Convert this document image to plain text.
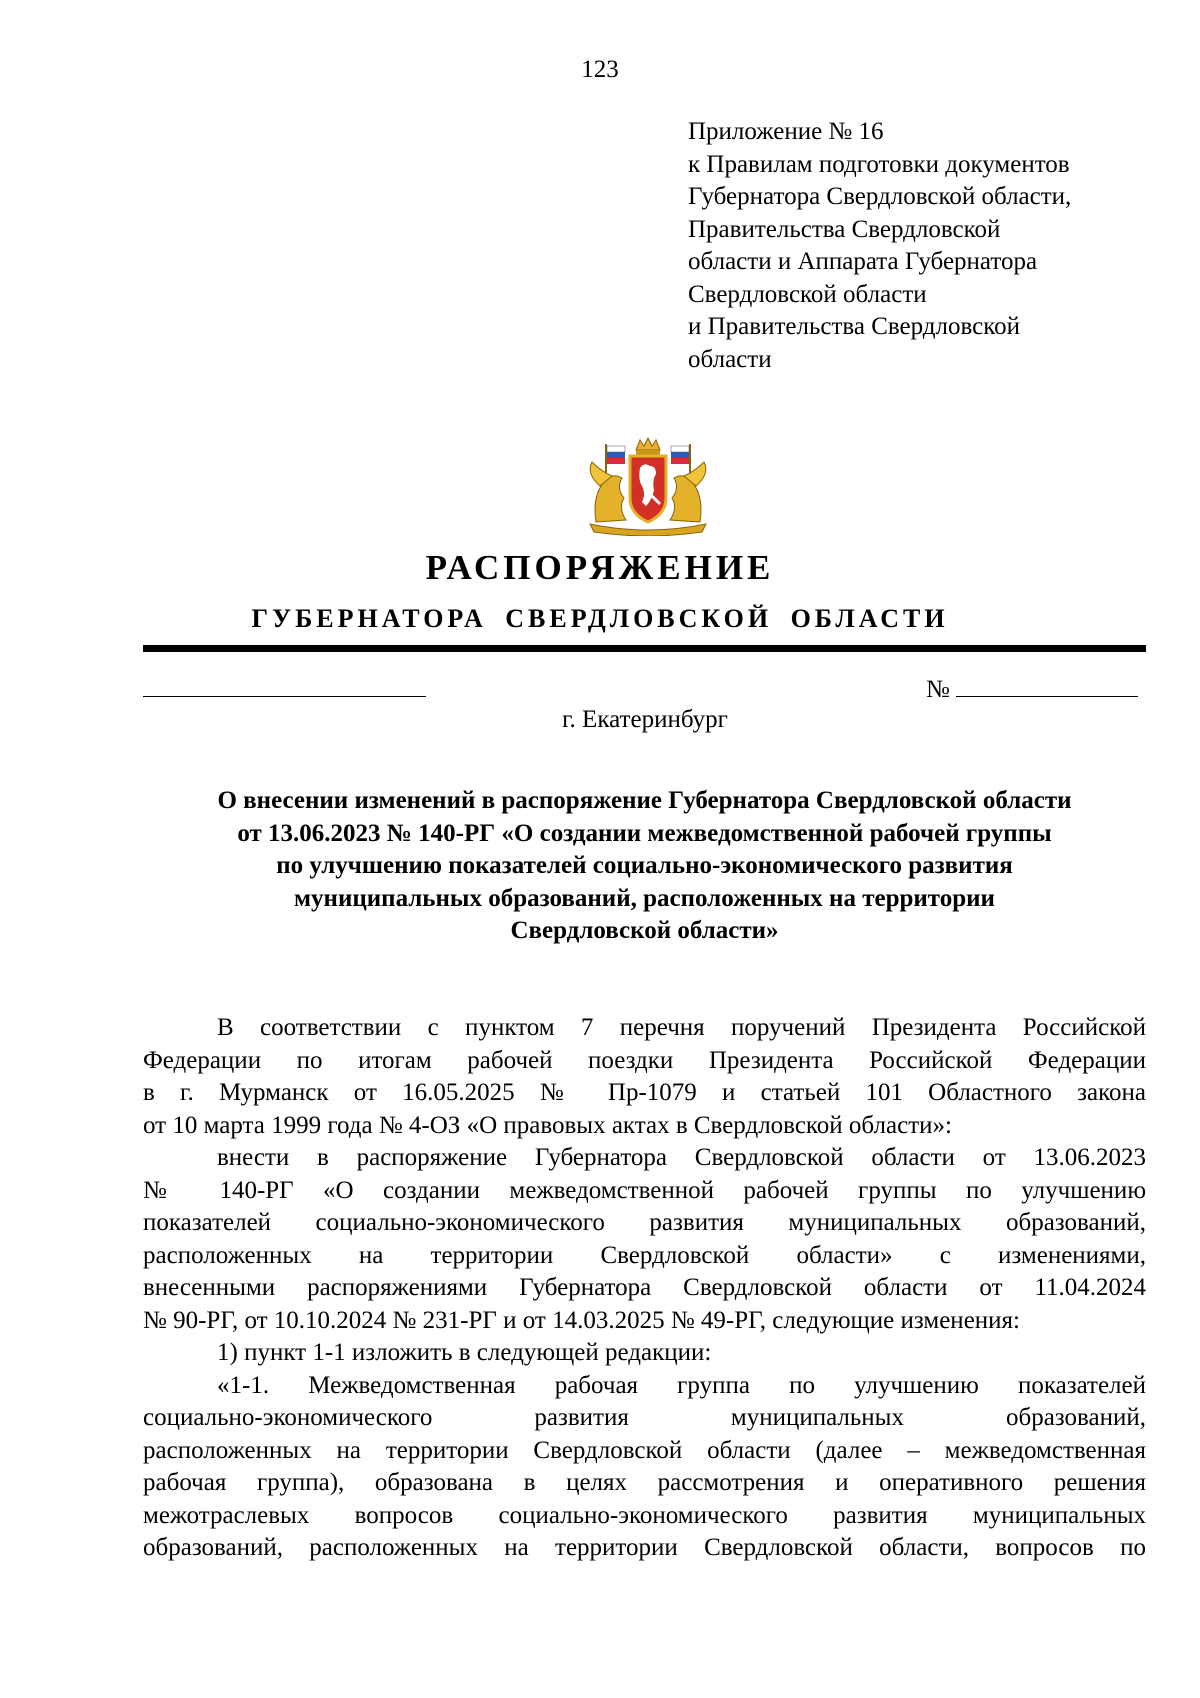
123
Приложение № 16
к Правилам подготовки документов
Губернатора Свердловской области,
Правительства Свердловской
области и Аппарата Губернатора
Свердловской области
и Правительства Свердловской
области
РАСПОРЯЖЕНИЕ
ГУБЕРНАТОРА СВЕРДЛОВСКОЙ ОБЛАСТИ
№
г. Екатеринбург
О внесении изменений в распоряжение Губернатора Свердловской области
от 13.06.2023 № 140-РГ «О создании межведомственной рабочей группы
по улучшению показателей социально-экономического развития
муниципальных образований, расположенных на территории
Свердловской области»
В соответствии с пунктом 7 перечня поручений Президента Российской
Федерации по итогам рабочей поездки Президента Российской Федерации
в г. Мурманск от 16.05.2025 № Пр-1079 и статьей 101 Областного закона
от 10 марта 1999 года № 4-ОЗ «О правовых актах в Свердловской области»:
внести в распоряжение Губернатора Свердловской области от 13.06.2023
№ 140-РГ «О создании межведомственной рабочей группы по улучшению
показателей социально-экономического развития муниципальных образований,
расположенных на территории Свердловской области» с изменениями,
внесенными распоряжениями Губернатора Свердловской области от 11.04.2024
№ 90-РГ, от 10.10.2024 № 231-РГ и от 14.03.2025 № 49-РГ, следующие изменения:
1) пункт 1-1 изложить в следующей редакции:
«1-1. Межведомственная рабочая группа по улучшению показателей
социально-экономического развития муниципальных образований,
расположенных на территории Свердловской области (далее – межведомственная
рабочая группа), образована в целях рассмотрения и оперативного решения
межотраслевых вопросов социально-экономического развития муниципальных
образований, расположенных на территории Свердловской области, вопросов по
